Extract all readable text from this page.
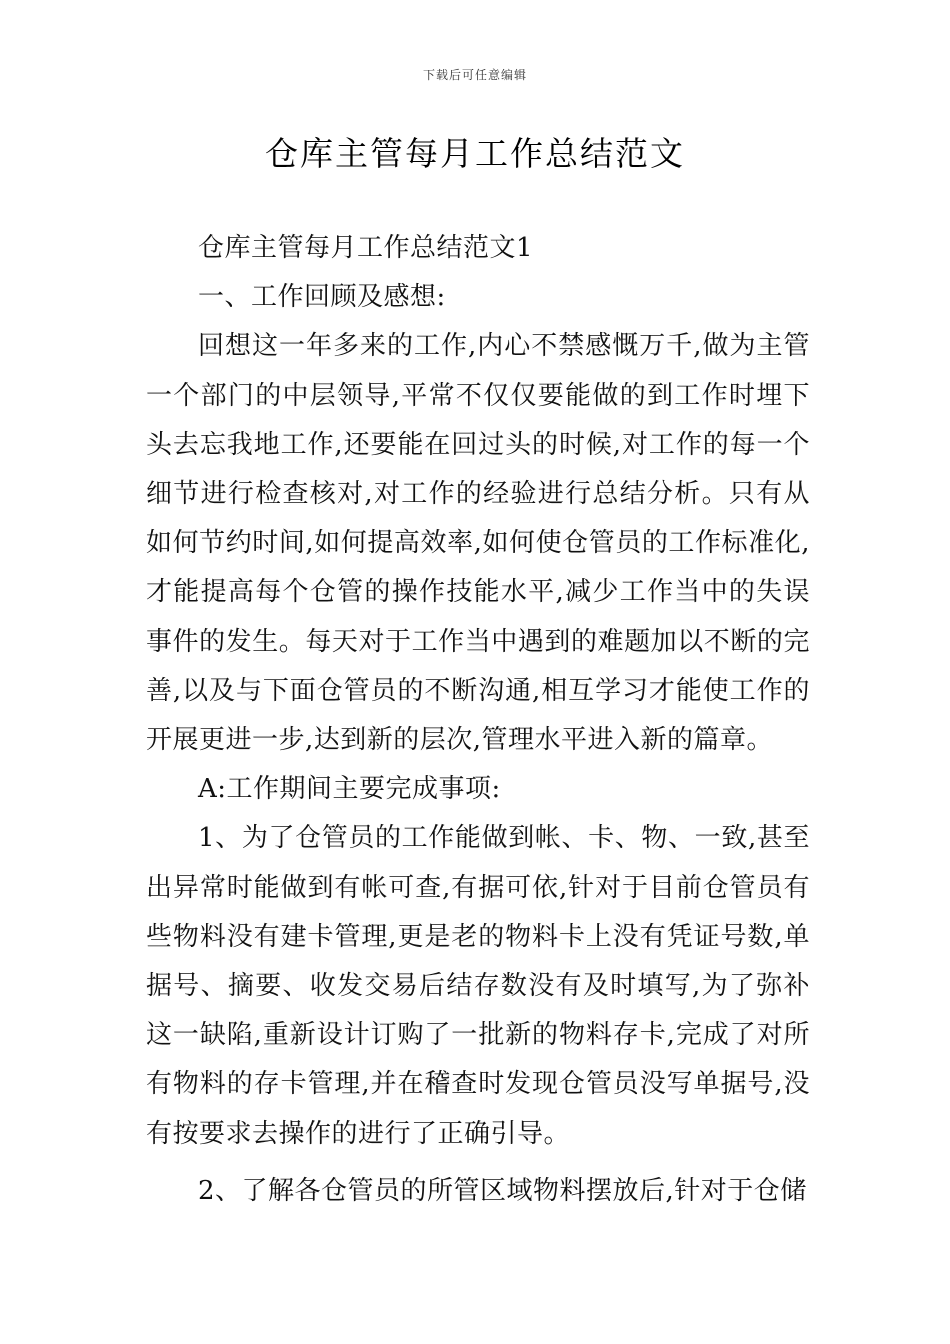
下载后可任意编辑
仓库主管每月工作总结范文

仓库主管每月工作总结范文1

一、工作回顾及感想:

回想这一年多来的工作,内心不禁感慨万千,做为主管一个部门的中层领导,平常不仅仅要能做的到工作时埋下头去忘我地工作,还要能在回过头的时候,对工作的每一个细节进行检查核对,对工作的经验进行总结分析。只有从如何节约时间,如何提高效率,如何使仓管员的工作标准化,才能提高每个仓管的操作技能水平,减少工作当中的失误事件的发生。每天对于工作当中遇到的难题加以不断的完善,以及与下面仓管员的不断沟通,相互学习才能使工作的开展更进一步,达到新的层次,管理水平进入新的篇章。

A:工作期间主要完成事项:

1、为了仓管员的工作能做到帐、卡、物、一致,甚至出异常时能做到有帐可查,有据可依,针对于目前仓管员有些物料没有建卡管理,更是老的物料卡上没有凭证号数,单据号、摘要、收发交易后结存数没有及时填写,为了弥补这一缺陷,重新设计订购了一批新的物料存卡,完成了对所有物料的存卡管理,并在稽查时发现仓管员没写单据号,没有按要求去操作的进行了正确引导。

2、了解各仓管员的所管区域物料摆放后,针对于仓储
